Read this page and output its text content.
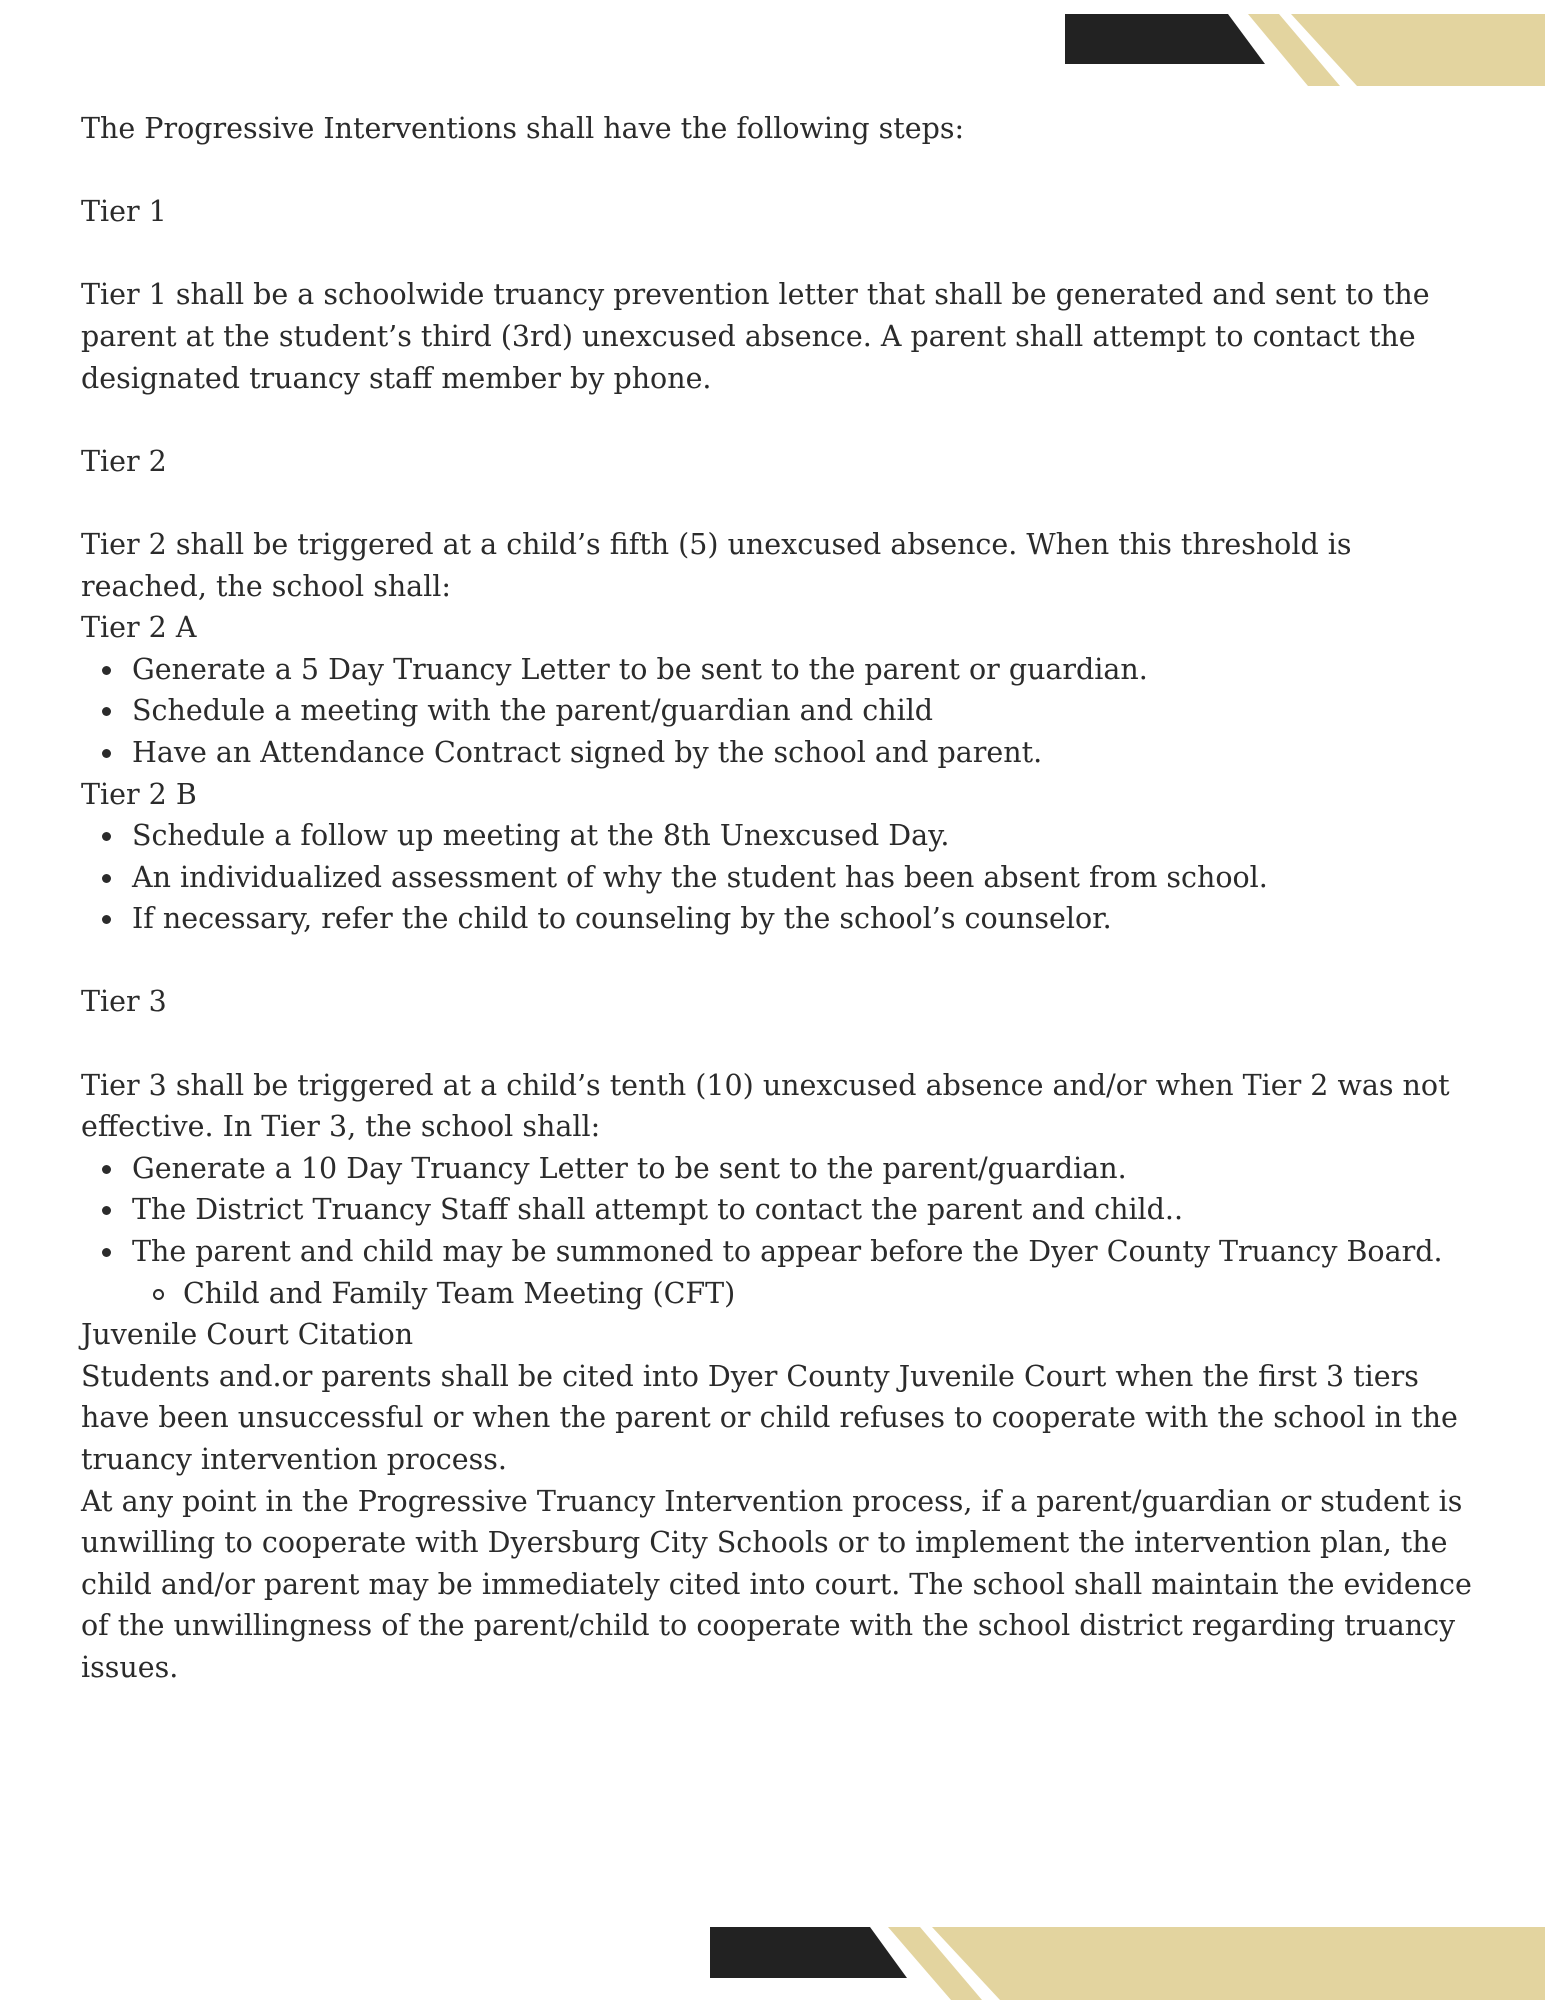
The Progressive Interventions shall have the following steps:

Tier 1

Tier 1 shall be a schoolwide truancy prevention letter that shall be generated and sent to the parent at the student’s third (3rd) unexcused absence. A parent shall attempt to contact the designated truancy staff member by phone.

Tier 2

Tier 2 shall be triggered at a child’s fifth (5) unexcused absence. When this threshold is reached, the school shall:

Tier 2 A

Generate a 5 Day Truancy Letter to be sent to the parent or guardian.
Schedule a meeting with the parent/guardian and child
Have an Attendance Contract signed by the school and parent.

Tier 2 B

Schedule a follow up meeting at the 8th Unexcused Day.
An individualized assessment of why the student has been absent from school.
If necessary, refer the child to counseling by the school’s counselor.

Tier 3

Tier 3 shall be triggered at a child’s tenth (10) unexcused absence and/or when Tier 2 was not effective. In Tier 3, the school shall:

Generate a 10 Day Truancy Letter to be sent to the parent/guardian.
The District Truancy Staff shall attempt to contact the parent and child..
The parent and child may be summoned to appear before the Dyer County Truancy Board.
Child and Family Team Meeting (CFT)

Juvenile Court Citation

Students and.or parents shall be cited into Dyer County Juvenile Court when the first 3 tiers have been unsuccessful or when the parent or child refuses to cooperate with the school in the truancy intervention process.

At any point in the Progressive Truancy Intervention process, if a parent/guardian or student is unwilling to cooperate with Dyersburg City Schools or to implement the intervention plan, the child and/or parent may be immediately cited into court. The school shall maintain the evidence of the unwillingness of the parent/child to cooperate with the school district regarding truancy issues.
